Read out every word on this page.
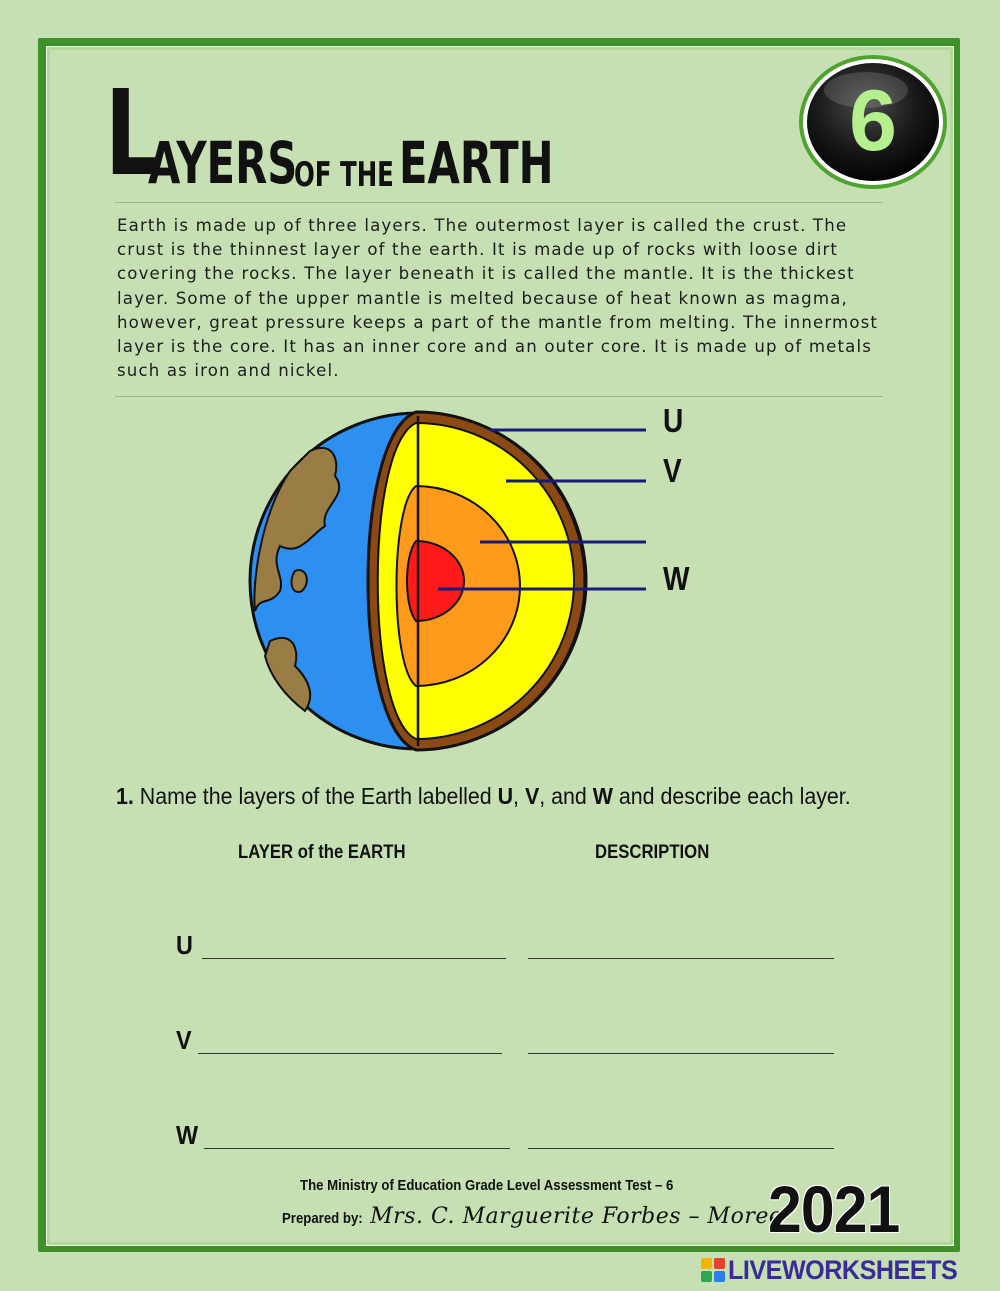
L
AYERS
OF THE EARTH	6

Earth is made up of three layers. The outermost layer is called the crust. The crust is the thinnest layer of the earth. It is made up of rocks with loose dirt covering the rocks. The layer beneath it is called the mantle. It is the thickest layer. Some of the upper mantle is melted because of heat known as magma, however, great pressure keeps a part of the mantle from melting. The innermost layer is the core. It has an inner core and an outer core. It is made up of metals such as iron and nickel.

U
V
W
1. Name the layers of the Earth labelled U, V, and W and describe each layer.
LAYER of the EARTH	DESCRIPTION
U
V
W
The Ministry of Education Grade Level Assessment Test – 6
Prepared by: Mrs. C. Marguerite Forbes – Moree
2021
LIVEWORKSHEETS
